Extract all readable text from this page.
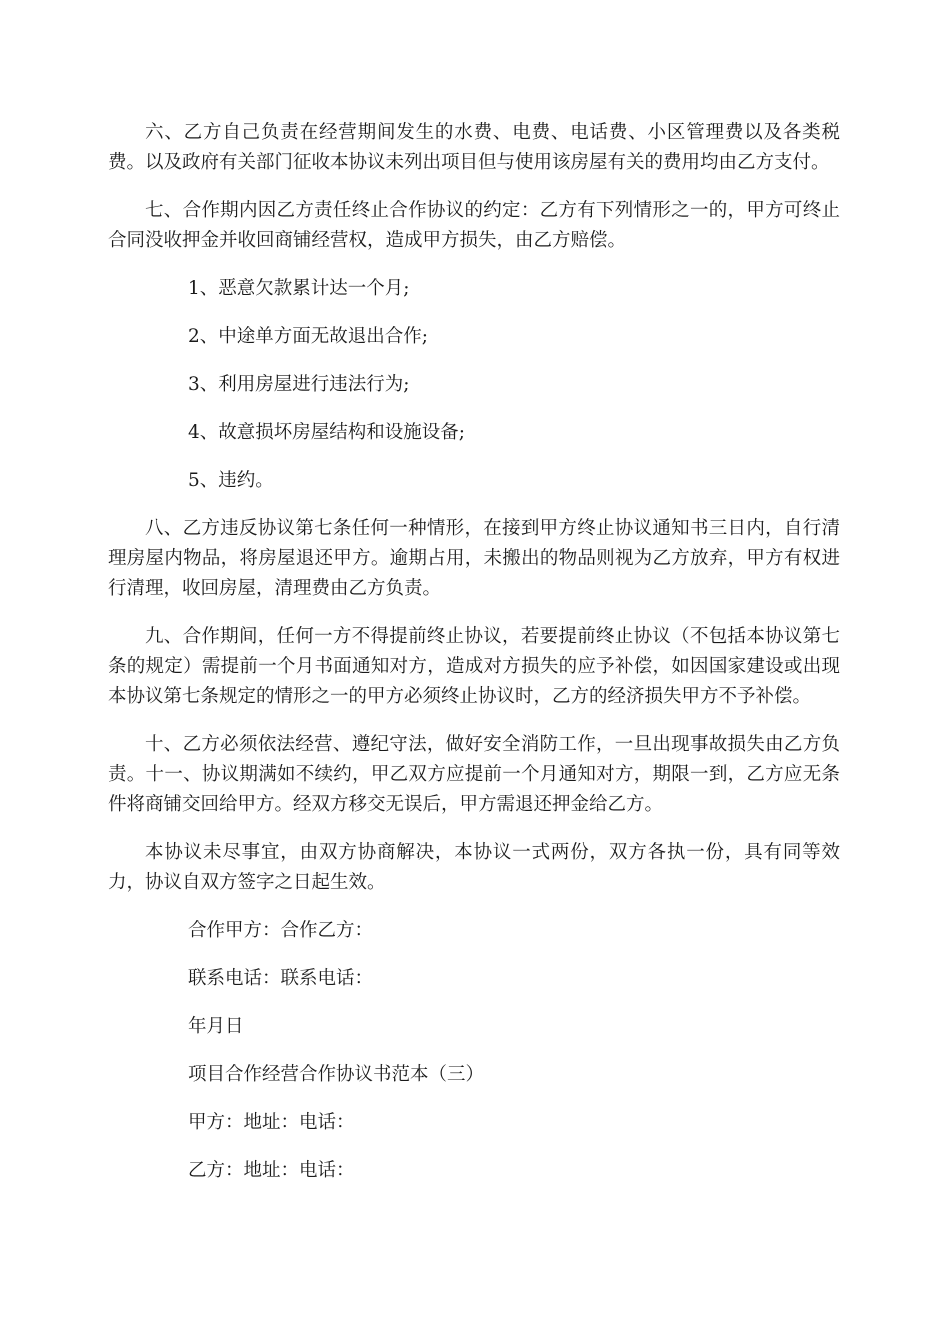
六、乙方自己负责在经营期间发生的水费、电费、电话费、小区管理费以及各类税费。以及政府有关部门征收本协议未列出项目但与使用该房屋有关的费用均由乙方支付。

七、合作期内因乙方责任终止合作协议的约定：乙方有下列情形之一的，甲方可终止合同没收押金并收回商铺经营权，造成甲方损失，由乙方赔偿。

1、恶意欠款累计达一个月;

2、中途单方面无故退出合作;

3、利用房屋进行违法行为;

4、故意损坏房屋结构和设施设备;

5、违约。

八、乙方违反协议第七条任何一种情形，在接到甲方终止协议通知书三日内，自行清理房屋内物品，将房屋退还甲方。逾期占用，未搬出的物品则视为乙方放弃，甲方有权进行清理，收回房屋，清理费由乙方负责。

九、合作期间，任何一方不得提前终止协议，若要提前终止协议（不包括本协议第七条的规定）需提前一个月书面通知对方，造成对方损失的应予补偿，如因国家建设或出现本协议第七条规定的情形之一的甲方必须终止协议时，乙方的经济损失甲方不予补偿。

十、乙方必须依法经营、遵纪守法，做好安全消防工作，一旦出现事故损失由乙方负责。十一、协议期满如不续约，甲乙双方应提前一个月通知对方，期限一到，乙方应无条件将商铺交回给甲方。经双方移交无误后，甲方需退还押金给乙方。

本协议未尽事宜，由双方协商解决，本协议一式两份，双方各执一份，具有同等效力，协议自双方签字之日起生效。

合作甲方：合作乙方：

联系电话：联系电话：

年月日

项目合作经营合作协议书范本（三）

甲方：地址：电话：

乙方：地址：电话：
